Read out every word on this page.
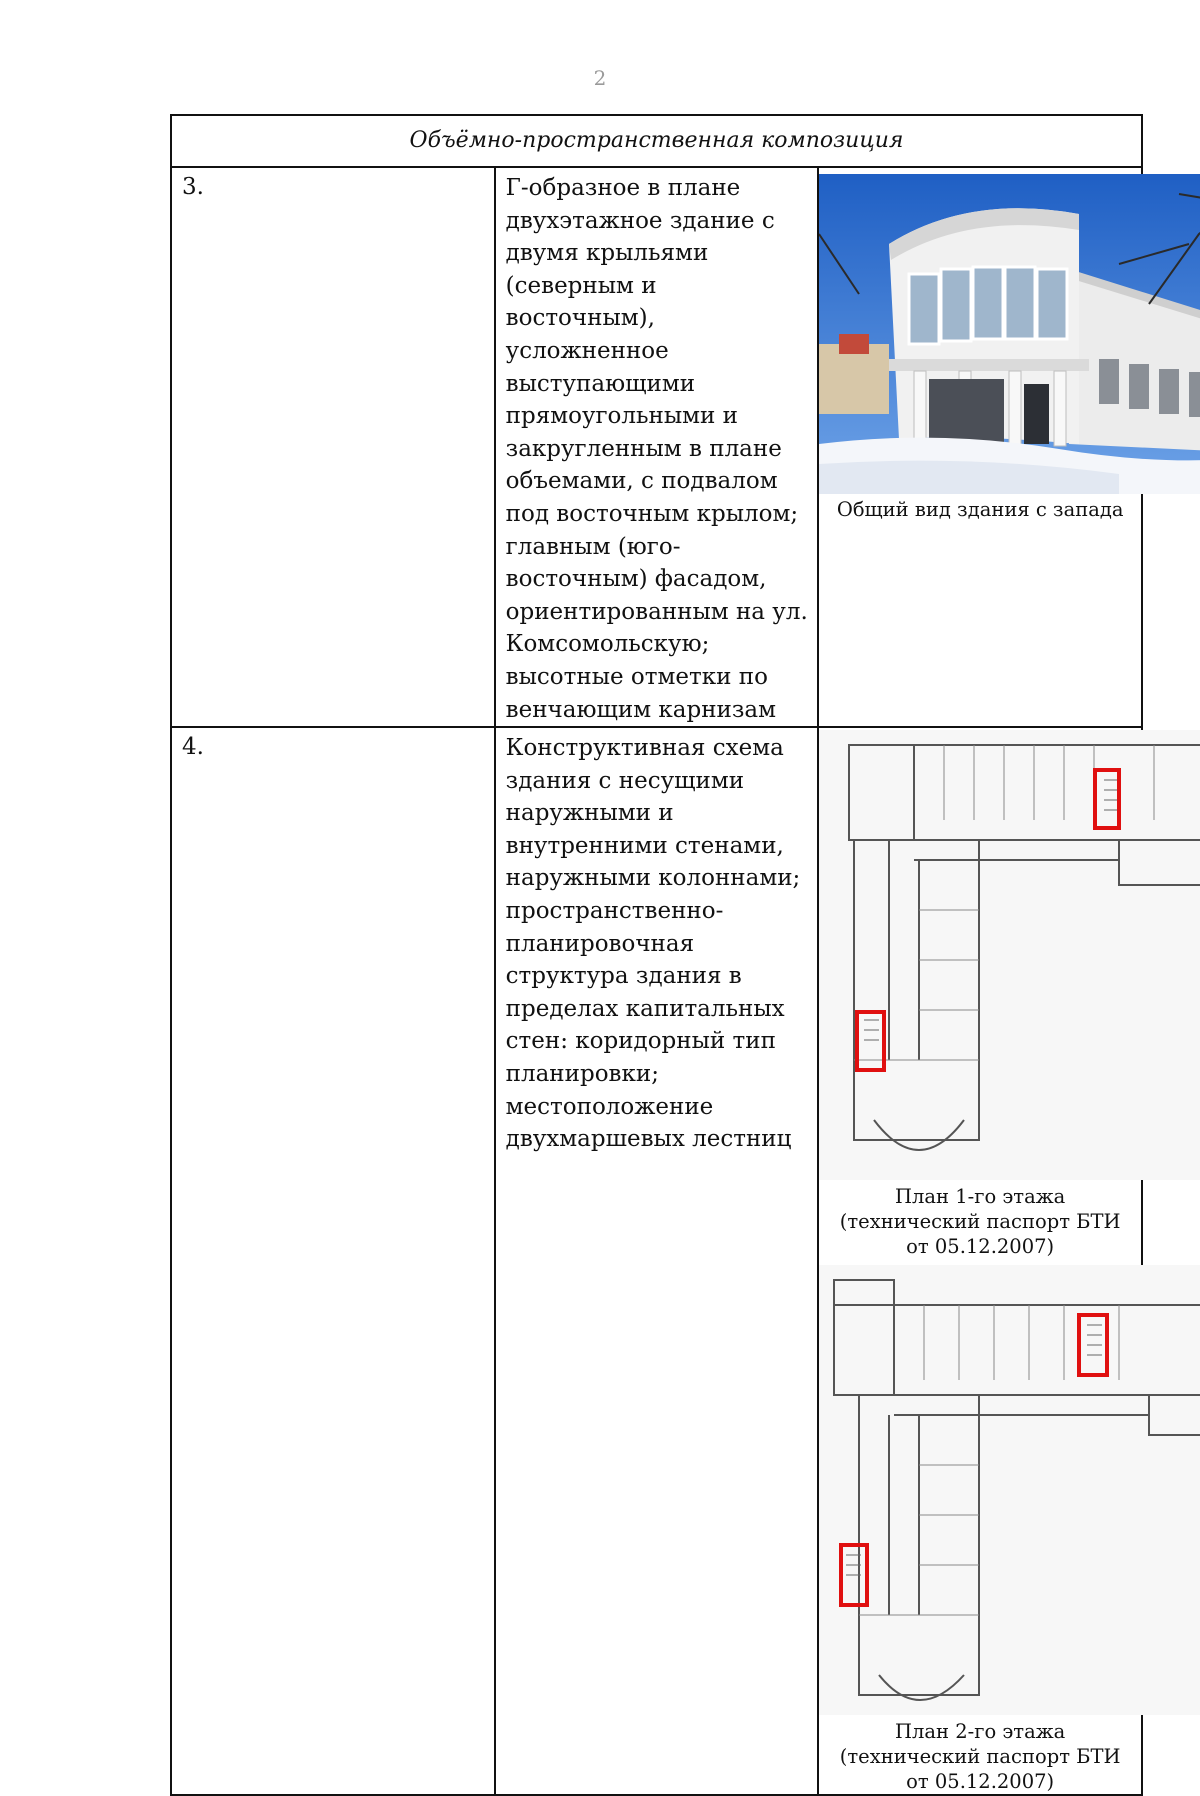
2
Объёмно-пространственная композиция		
3.	Г-образное в плане двухэтажное здание с двумя крыльями (северным и восточным), усложненное выступающими прямоугольными и закругленным в плане объемами, с подвалом под восточным крылом; главным (юго-восточным) фасадом, ориентированным на ул. Комсомольскую; высотные отметки по венчающим карнизам	Общий вид здания с запада

4.	Конструктивная схема здания с несущими наружными и внутренними стенами, наружными колоннами; пространственно-планировочная структура здания в пределах капитальных стен: коридорный тип планировки; местоположение двухмаршевых лестниц	План 1-го этажа (технический паспорт БТИ от 05.12.2007)
План 2-го этажа (технический паспорт БТИ от 05.12.2007)
